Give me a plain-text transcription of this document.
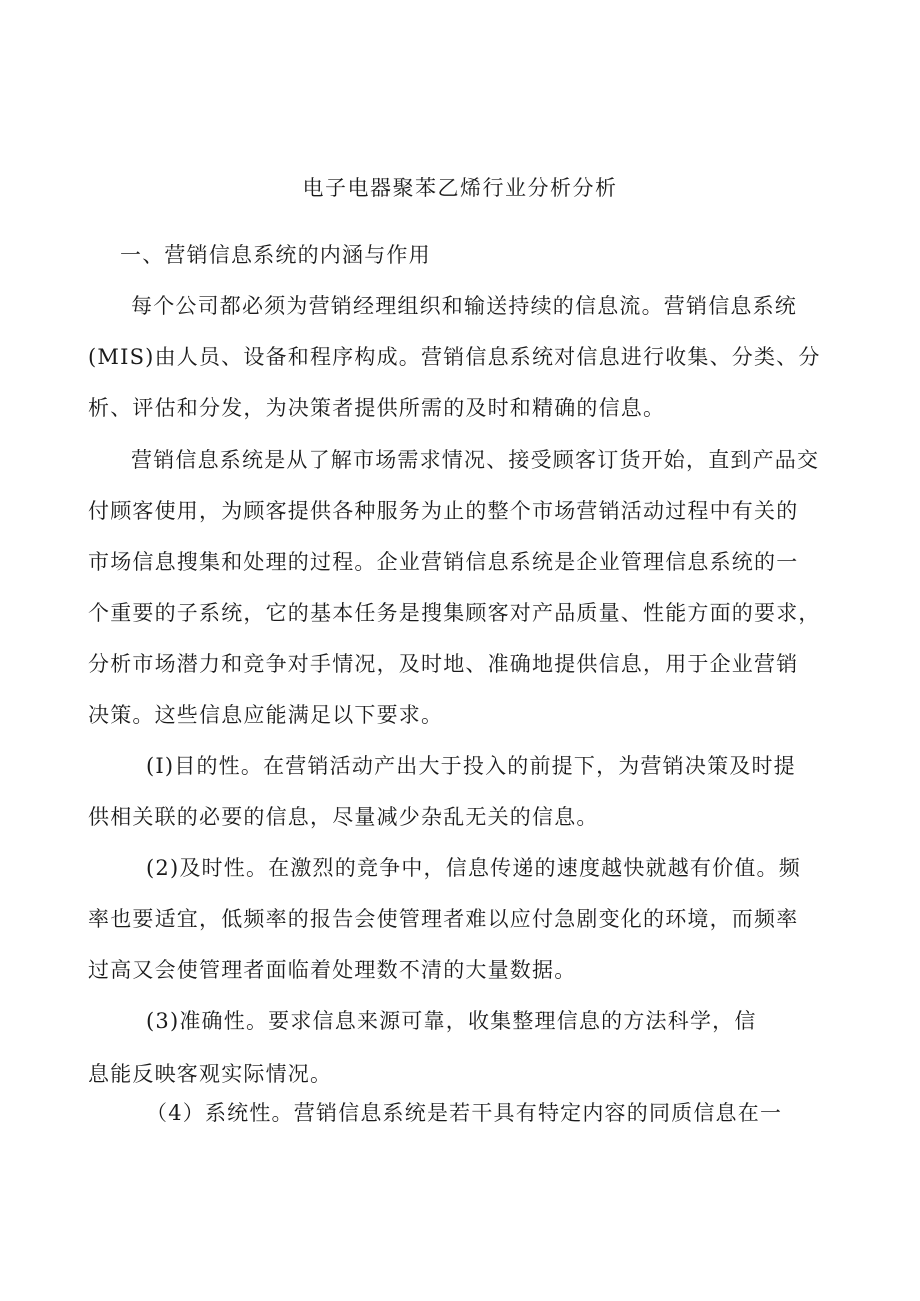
电子电器聚苯乙烯行业分析分析
一、营销信息系统的内涵与作用
每个公司都必须为营销经理组织和输送持续的信息流。营销信息系统
(MIS)由人员、设备和程序构成。营销信息系统对信息进行收集、分类、分
析、评估和分发，为决策者提供所需的及时和精确的信息。
营销信息系统是从了解市场需求情况、接受顾客订货开始，直到产品交
付顾客使用，为顾客提供各种服务为止的整个市场营销活动过程中有关的
市场信息搜集和处理的过程。企业营销信息系统是企业管理信息系统的一
个重要的子系统，它的基本任务是搜集顾客对产品质量、性能方面的要求，
分析市场潜力和竞争对手情况，及时地、准确地提供信息，用于企业营销
决策。这些信息应能满足以下要求。
(I)目的性。在营销活动产出大于投入的前提下，为营销决策及时提
供相关联的必要的信息，尽量减少杂乱无关的信息。
(2)及时性。在激烈的竞争中，信息传递的速度越快就越有价值。频
率也要适宜，低频率的报告会使管理者难以应付急剧变化的环境，而频率
过高又会使管理者面临着处理数不清的大量数据。
(3)准确性。要求信息来源可靠，收集整理信息的方法科学，信
息能反映客观实际情况。
（4）系统性。营销信息系统是若干具有特定内容的同质信息在一
